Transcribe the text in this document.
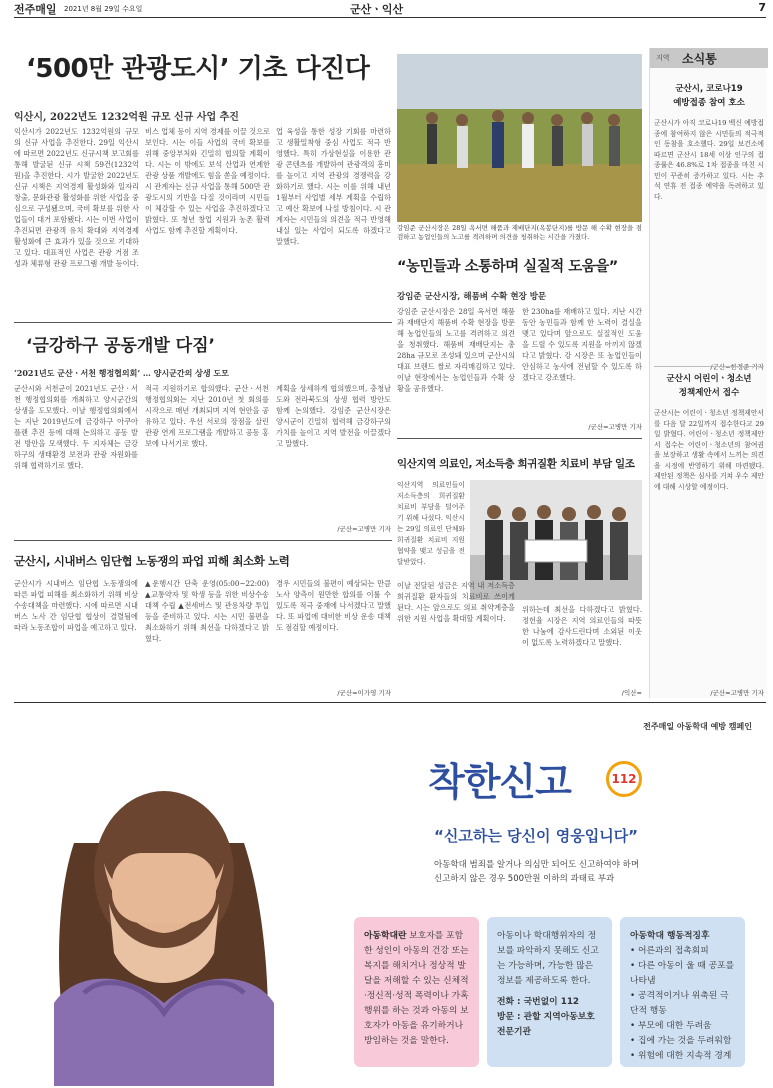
전주매일 2021년 8월 29일 수요일	군산ㆍ익산	7
‘500만 관광도시’ 기초 다진다
익산시, 2022년도 1232억원 규모 신규 사업 추진
익산시가 2022년도 1232억원의 규모의 신규 사업을 추진한다. 29일 익산시에 따르면 2022년도 신규시책 보고회를 통해 발굴된 신규 시책 59건(1232억원)을 추진한다. 시가 발굴한 2022년도 신규 시책은 지역경제 활성화와 일자리 창출, 문화관광 활성화를 위한 사업을 중심으로 구성됐으며, 국비 확보를 위한 사업들이 대거 포함됐다. 시는 이번 사업이 추진되면 관광객 유치 확대와 지역경제 활성화에 큰 효과가 있을 것으로 기대하고 있다. 대표적인 사업은 관광 거점 조성과 체류형 관광 프로그램 개발 등이다.
비스 업체 등이 지역 경제를 이끌 것으로 보인다. 시는 이들 사업의 국비 확보를 위해 중앙부처와 긴밀히 협의할 계획이다. 시는 이 밖에도 보석 산업과 연계한 관광 상품 개발에도 힘을 쏟을 예정이다. 시 관계자는 신규 사업을 통해 500만 관광도시의 기반을 다질 것이라며 시민들이 체감할 수 있는 사업을 추진하겠다고 밝혔다. 또 청년 창업 지원과 농촌 활력 사업도 함께 추진할 계획이다.
업 육성을 통한 성장 기회를 마련하고 생활밀착형 중심 사업도 적극 반영했다. 특히 가상현실을 이용한 관광 콘텐츠를 개발하여 관광객의 흥미를 높이고 지역 관광의 경쟁력을 강화하기로 했다. 시는 이를 위해 내년 1월부터 사업별 세부 계획을 수립하고 예산 확보에 나설 방침이다. 시 관계자는 시민들의 의견을 적극 반영해 내실 있는 사업이 되도록 하겠다고 말했다.
강임준 군산시장은 28일 옥서면 해품과 재배단지(옥봉단지)를 방문 해 수확 현장을 점검하고 농업인들의 노고를 격려하며 의견을 청취하는 시간을 가졌다.
“농민들과 소통하며 실질적 도움을”
강임준 군산시장, 해품벼 수확 현장 방문
강임준 군산시장은 28일 옥서면 해품과 재배단지 해품벼 수확 현장을 방문해 농업인들의 노고를 격려하고 의견을 청취했다. 해품벼 재배단지는 총 28ha 규모로 조성돼 있으며 군산시의 대표 브랜드 쌀로 자리매김하고 있다. 이날 현장에서는 농업인들과 수확 상황을 공유했다.
한 230ha를 재배하고 있다. 지난 시간 동안 농민들과 함께 한 노력이 결실을 맺고 있다며 앞으로도 실질적인 도움을 드릴 수 있도록 지원을 아끼지 않겠다고 밝혔다. 강 시장은 또 농업인들이 안심하고 농사에 전념할 수 있도록 하겠다고 강조했다.
/군산=고병만 기자
‘금강하구 공동개발 다짐’
‘2021년도 군산ㆍ서천 행정협의회’ … 양시군간의 상생 도모
군산시와 서천군이 2021년도 군산ㆍ서천 행정협의회를 개최하고 양시군간의 상생을 도모했다. 이날 행정협의회에서는 지난 2019년도에 금강하구 아쿠아플랜 추진 등에 대해 논의하고 공동 발전 방안을 모색했다. 두 지자체는 금강하구의 생태환경 보전과 관광 자원화를 위해 협력하기로 했다.
적극 지원하기로 합의했다. 군산ㆍ서천 행정협의회는 지난 2010년 첫 회의를 시작으로 매년 개최되며 지역 현안을 공유하고 있다. 우선 서로의 장점을 살린 관광 연계 프로그램을 개발하고 공동 홍보에 나서기로 했다.
계획을 상세하게 협의했으며, 충청남도와 전라북도의 상생 협력 방안도 함께 논의했다. 강임준 군산시장은 양시군이 긴밀히 협력해 금강하구의 가치를 높이고 지역 발전을 이끌겠다고 말했다.
/군산=고병만 기자
익산지역 의료인, 저소득층 희귀질환 치료비 부담 일조
익산지역 의료인들이 저소득층의 희귀질환 치료비 부담을 덜어주기 위해 나섰다. 익산시는 29일 의료인 단체와 희귀질환 치료비 지원 협약을 맺고 성금을 전달받았다.
이날 전달된 성금은 지역 내 저소득층 희귀질환 환자들의 치료비로 쓰이게 된다. 시는 앞으로도 의료 취약계층을 위한 지원 사업을 확대할 계획이다.
위하는데 최선을 다하겠다고 밝혔다. 정헌율 시장은 지역 의료인들의 따뜻한 나눔에 감사드린다며 소외된 이웃이 없도록 노력하겠다고 말했다.
/익산=
군산시, 시내버스 임단협 노동쟁의 파업 피해 최소화 노력
군산시가 시내버스 임단협 노동쟁의에 따른 파업 피해를 최소화하기 위해 비상수송대책을 마련했다. 시에 따르면 시내버스 노사 간 임단협 협상이 결렬됨에 따라 노동조합이 파업을 예고하고 있다.
▲운행시간 단축 운영(05:00~22:00) ▲교통약자 및 학생 등을 위한 비상수송대책 수립 ▲전세버스 및 관용차량 투입 등을 준비하고 있다. 시는 시민 불편을 최소화하기 위해 최선을 다하겠다고 밝혔다.
경우 시민들의 불편이 예상되는 만큼 노사 양측이 원만한 합의를 이룰 수 있도록 적극 중재에 나서겠다고 말했다. 또 파업에 대비한 비상 운송 대책도 점검할 예정이다.
/군산=이가영 기자
지역 소식통
군산시, 코로나19
예방접종 참여 호소
군산시가 아직 코로나19 백신 예방접종에 참여하지 않은 시민들의 적극적인 동참을 호소했다. 29일 보건소에 따르면 군산시 18세 이상 인구의 접종률은 46.8%로 1차 접종을 마친 시민이 꾸준히 증가하고 있다. 시는 추석 연휴 전 접종 예약을 독려하고 있다.
/군산=한경준 기자
군산시 어린이ㆍ청소년
정책제안서 접수
군산시는 어린이ㆍ청소년 정책제안서를 다음 달 22일까지 접수한다고 29일 밝혔다. 어린이ㆍ청소년 정책제안서 접수는 어린이ㆍ청소년의 참여권을 보장하고 생활 속에서 느끼는 의견을 시정에 반영하기 위해 마련됐다. 제안된 정책은 심사를 거쳐 우수 제안에 대해 시상할 예정이다.
/군산=고병만 기자
전주매일 아동학대 예방 캠페인
착한신고	112
“신고하는 당신이 영웅입니다”
아동학대 범죄를 알거나 의심만 되어도 신고하여야 하며
신고하지 않은 경우 500만원 이하의 과태료 부과
아동학대란 보호자를 포함한 성인이 아동의 건강 또는 복지를 해치거나 정상적 발달을 저해할 수 있는 신체적·정신적·성적 폭력이나 가혹행위를 하는 것과 아동의 보호자가 아동을 유기하거나 방임하는 것을 말한다.
아동이나 학대행위자의 정보를 파악하지 못해도 신고는 가능하며, 가능한 많은 정보를 제공하도록 한다.
전화 : 국번없이 112
방문 : 관할 지역아동보호 전문기관
아동학대 행동적징후
• 어른과의 접촉회피
• 다른 아동이 울 때 공포를 나타냄
• 공격적이거나 위축된 극단적 행동
• 부모에 대한 두려움
• 집에 가는 것을 두려워함
• 위험에 대한 지속적 경계
